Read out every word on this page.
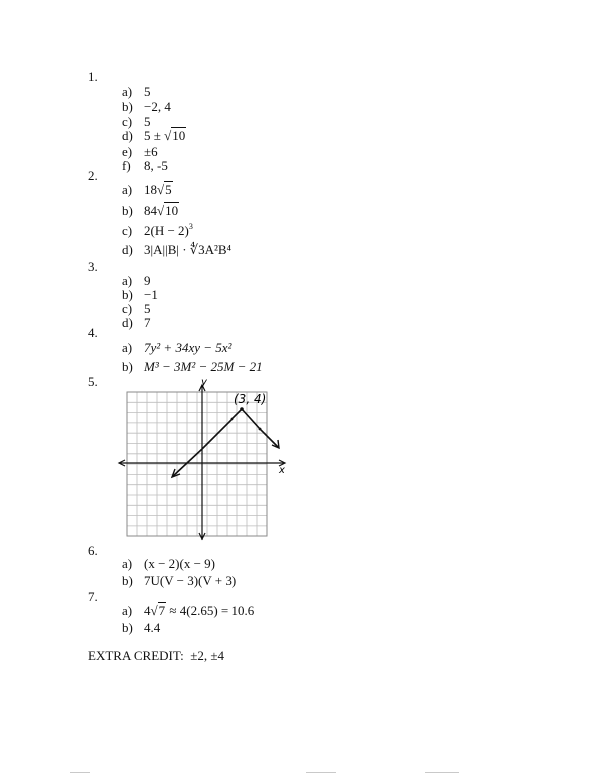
1.
a) 5
b) −2, 4
c) 5
d) 5 ± √10
e) ±6
f) 8, -5
2.
a) 18√5
b) 84√10
c) $2(H - 2)^3$
d) 3|A||B| · ∜3A²B⁴
3.
a) 9
b) −1
c) 5
d) 7
4.
a) 7y² + 34xy − 5x²
b) M³ − 3M² − 25M − 21
5.
x
y
(3, 4)
6.
a) (x − 2)(x − 9)
b) 7U(V − 3)(V + 3)
7.
a) 4√7 ≈ 4(2.65) = 10.6
b) 4.4
EXTRA CREDIT: ±2, ±4
